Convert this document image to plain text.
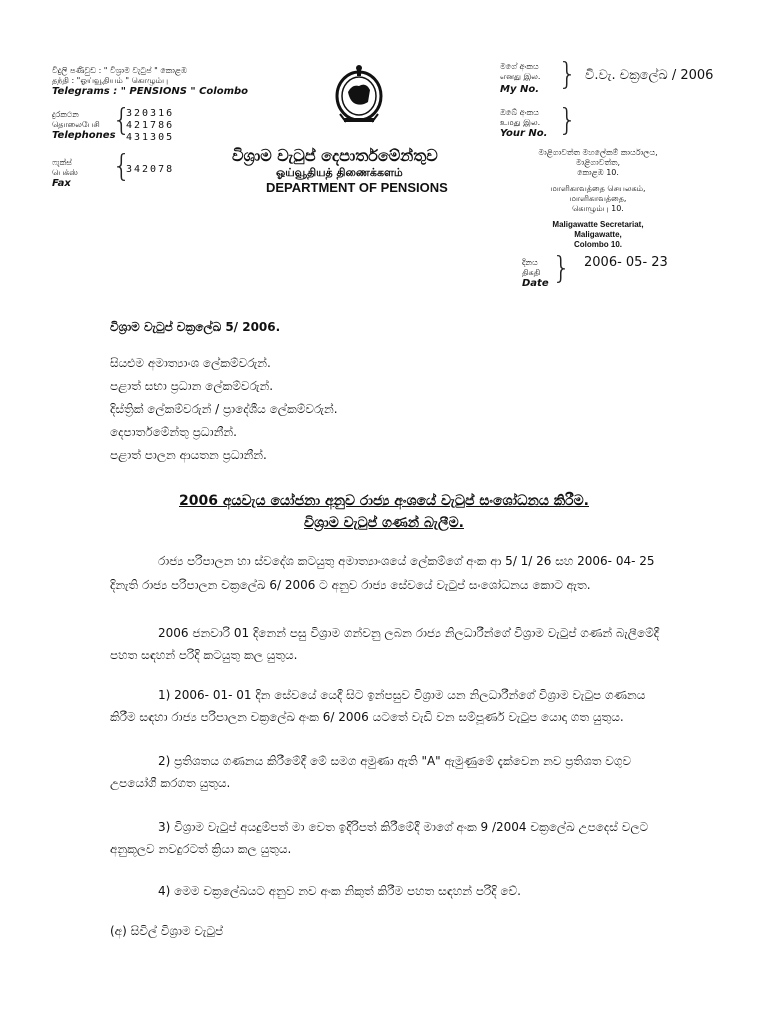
විදුලි පණිවුඩ : " විශ්‍රාම වැටුප් " කොළඹ
தந்தி : "ஓய்வூதியம் " கொழும்பு
Telegrams : " PENSIONS " Colombo
දුරකථන
தொலைபேசி
Telephones
{
320316
421786
431305
ෆැක්ස්
பெக்ஸ்
Fax {
342078
විශ්‍රාම වැටුප් දෙපාර්තමේන්තුව
ஓய்வூதியத் திணைக்களம்
DEPARTMENT OF PENSIONS
මගේ අංකය
எனது இல.
My No. } වි.වැ. චක්‍රලේඛ / 2006
ඔබේ අංකය
உமது இல.
Your No. }
මාළිගාවත්ත මහලේකම් කාර්යාලය,
මාළිගාවත්ත,
කොළඹ 10.
மாளிகாவத்தை செயலகம்,
மாளிகாவத்தை,
கொழும்பு 10.
Maligawatte Secretariat,
Maligawatte,
Colombo 10.
දිනය
திகதி
Date } 2006- 05- 23
විශ්‍රාම වැටුප් චක්‍රලේඛ 5/ 2006.
සියළුම අමාත්‍යාංශ ලේකම්වරුන්.
පළාත් සභා ප්‍රධාන ලේකම්වරුන්.
දිස්ත්‍රික් ලේකම්වරුන් / ප්‍රාදේශීය ලේකම්වරුන්.
දෙපාර්තමේන්තු ප්‍රධානීන්.
පළාත් පාලන ආයතන ප්‍රධානීන්.
2006 අයවැය යෝජනා අනුව රාජ්‍ය අංශයේ වැටුප් සංශෝධනය කිරීම.
විශ්‍රාම වැටුප් ගණන් බැලීම.
රාජ්‍ය පරිපාලන හා ස්වදේශ කටයුතු අමාත්‍යාංශයේ ලේකම්ගේ අංක ආ 5/ 1/ 26 සහ 2006- 04- 25
දිනැති රාජ්‍ය පරිපාලන චක්‍රලේඛ 6/ 2006 ට අනුව රාජ්‍ය සේවයේ වැටුප් සංශෝධනය කොට ඇත.
2006 ජනවාරි 01 දිනෙන් පසු විශ්‍රාම ගන්වනු ලබන රාජ්‍ය නිලධාරීන්ගේ විශ්‍රාම වැටුප් ගණන් බැලීමේදී
පහත සඳහන් පරිදි කටයුතු කල යුතුය.
1) 2006- 01- 01 දින සේවයේ යෙදී සිට ඉන්පසුව විශ්‍රාම යන නිලධාරීන්ගේ විශ්‍රාම වැටුප ගණනය
කිරීම සඳහා රාජ්‍ය පරිපාලන චක්‍රලේඛ අංක 6/ 2006 යටතේ වැඩි වන සම්පූර්ණ වැටුප යොදා ගත යුතුය.
2) ප්‍රතිශතය ගණනය කිරීමේදී මේ සමග අමුණා ඇති "A" ඇමුණුමේ දැක්වෙන නව ප්‍රතිශත වගුව
උපයෝගී කරගත යුතුය.
3) විශ්‍රාම වැටුප් අයදුම්පත් මා වෙත ඉදිරිපත් කිරීමේදී මාගේ අංක 9 /2004 චක්‍රලේඛ උපදෙස් වලට
අනුකූලව නවදුරටත් ක්‍රියා කල යුතුය.
4) මෙම චක්‍රලේඛයට අනුව නව අංක නිකුත් කිරීම පහත සඳහන් පරිදි වේ.
(අ) සිවිල් විශ්‍රාම වැටුප්
